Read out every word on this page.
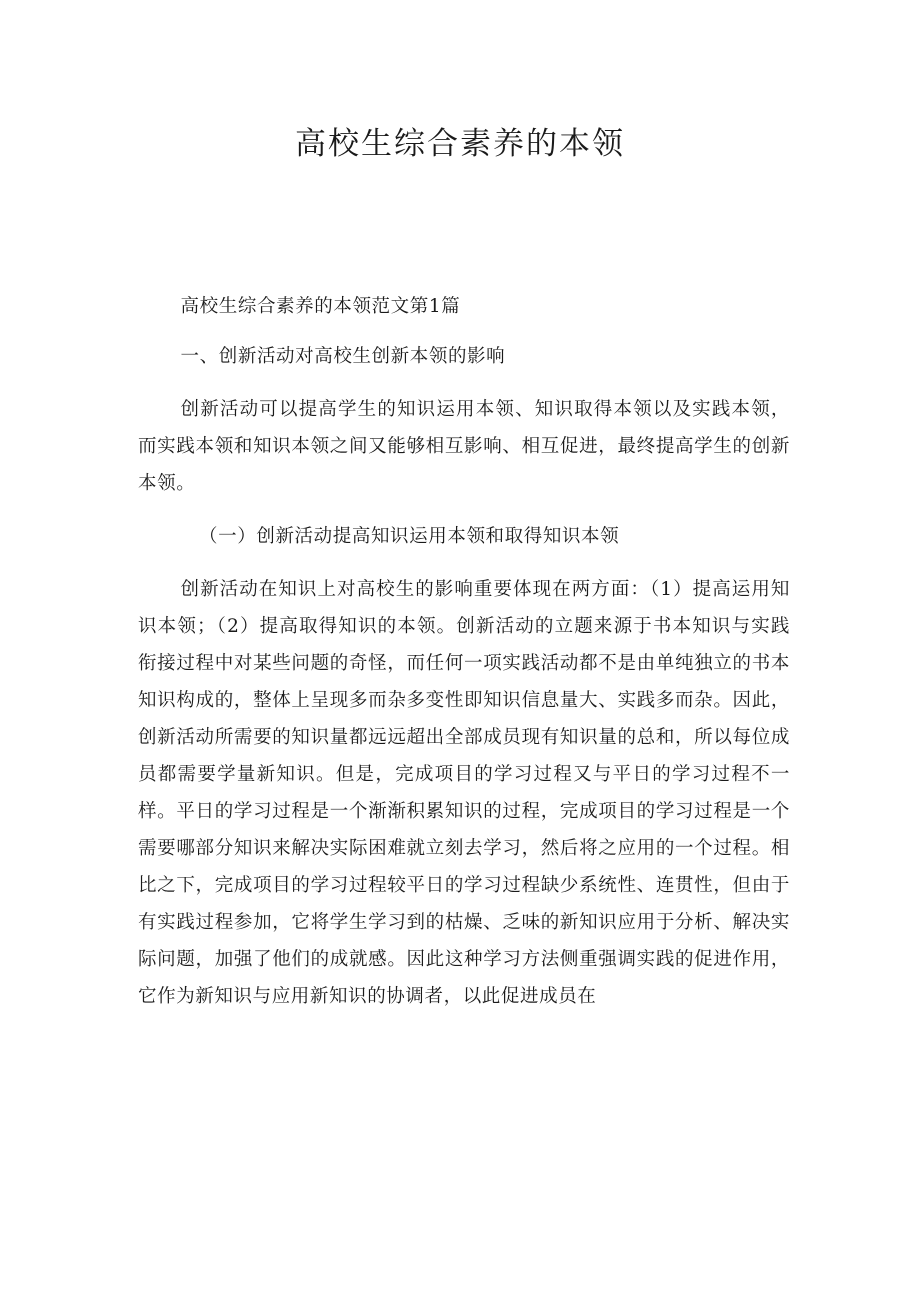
高校生综合素养的本领

高校生综合素养的本领范文第1篇

一、创新活动对高校生创新本领的影响

创新活动可以提高学生的知识运用本领、知识取得本领以及实践本领，而实践本领和知识本领之间又能够相互影响、相互促进，最终提高学生的创新本领。

（一）创新活动提高知识运用本领和取得知识本领

创新活动在知识上对高校生的影响重要体现在两方面：（1）提高运用知识本领；（2）提高取得知识的本领。创新活动的立题来源于书本知识与实践衔接过程中对某些问题的奇怪，而任何一项实践活动都不是由单纯独立的书本知识构成的，整体上呈现多而杂多变性即知识信息量大、实践多而杂。因此，创新活动所需要的知识量都远远超出全部成员现有知识量的总和，所以每位成员都需要学量新知识。但是，完成项目的学习过程又与平日的学习过程不一样。平日的学习过程是一个渐渐积累知识的过程，完成项目的学习过程是一个需要哪部分知识来解决实际困难就立刻去学习，然后将之应用的一个过程。相比之下，完成项目的学习过程较平日的学习过程缺少系统性、连贯性，但由于有实践过程参加，它将学生学习到的枯燥、乏味的新知识应用于分析、解决实际问题，加强了他们的成就感。因此这种学习方法侧重强调实践的促进作用，它作为新知识与应用新知识的协调者，以此促进成员在
